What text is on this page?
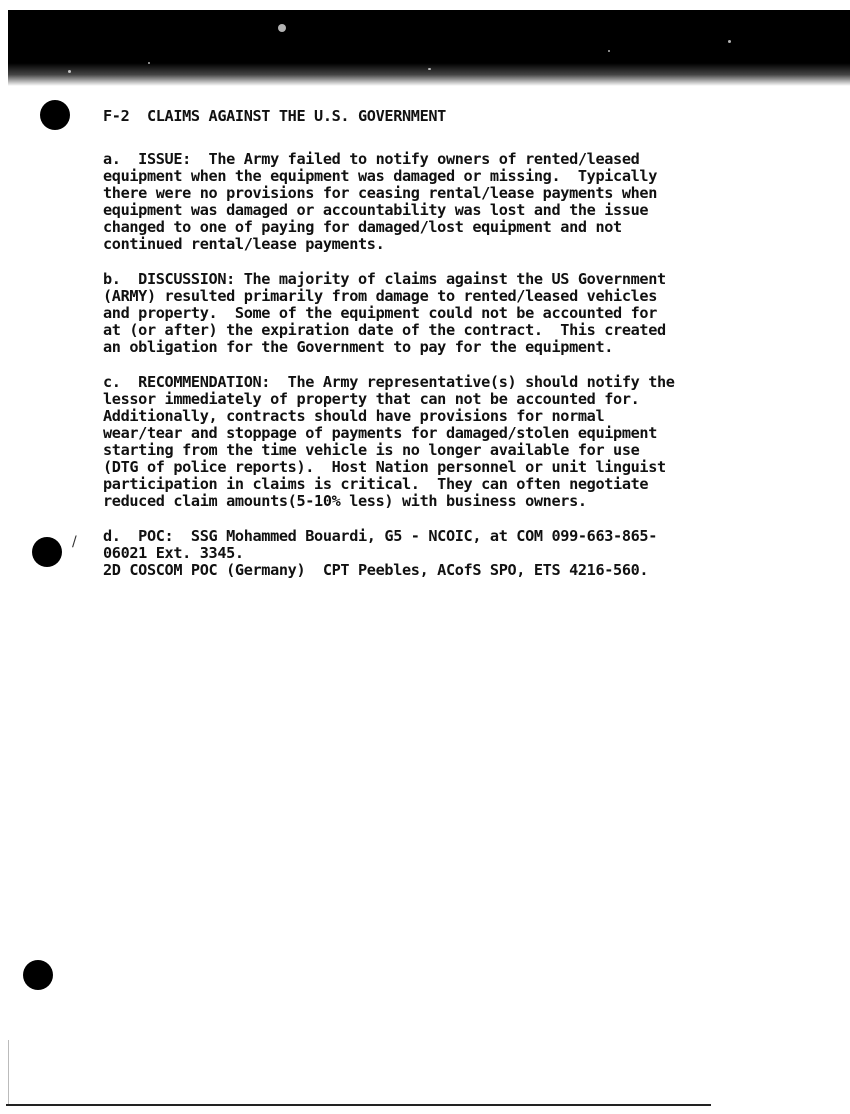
/
F-2  CLAIMS AGAINST THE U.S. GOVERNMENT
a.  ISSUE:  The Army failed to notify owners of rented/leased
equipment when the equipment was damaged or missing.  Typically
there were no provisions for ceasing rental/lease payments when
equipment was damaged or accountability was lost and the issue
changed to one of paying for damaged/lost equipment and not
continued rental/lease payments.
b.  DISCUSSION: The majority of claims against the US Government
(ARMY) resulted primarily from damage to rented/leased vehicles
and property.  Some of the equipment could not be accounted for
at (or after) the expiration date of the contract.  This created
an obligation for the Government to pay for the equipment.
c.  RECOMMENDATION:  The Army representative(s) should notify the
lessor immediately of property that can not be accounted for.
Additionally, contracts should have provisions for normal
wear/tear and stoppage of payments for damaged/stolen equipment
starting from the time vehicle is no longer available for use
(DTG of police reports).  Host Nation personnel or unit linguist
participation in claims is critical.  They can often negotiate
reduced claim amounts(5-10% less) with business owners.
d.  POC:  SSG Mohammed Bouardi, G5 - NCOIC, at COM 099-663-865-
06021 Ext. 3345.
2D COSCOM POC (Germany)  CPT Peebles, ACofS SPO, ETS 4216-560.
